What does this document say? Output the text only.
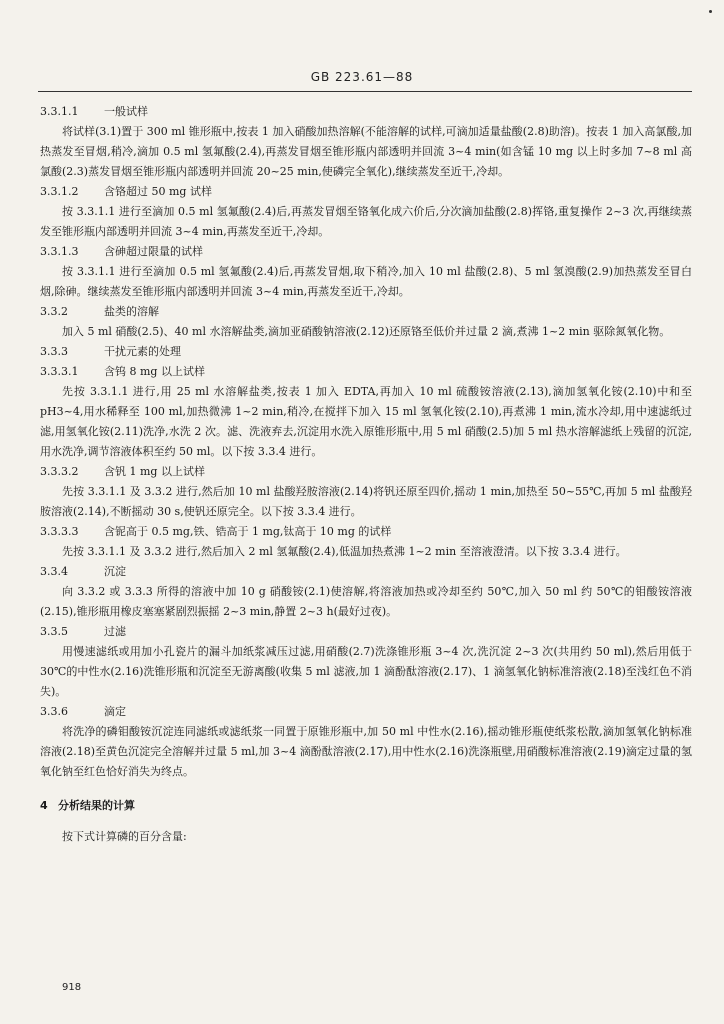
GB 223.61—88

3.3.1.1 一般试样

将试样(3.1)置于 300 ml 锥形瓶中,按表 1 加入硝酸加热溶解(不能溶解的试样,可滴加适量盐酸(2.8)助溶)。按表 1 加入高氯酸,加热蒸发至冒烟,稍冷,滴加 0.5 ml 氢氟酸(2.4),再蒸发冒烟至锥形瓶内部透明并回流 3~4 min(如含锰 10 mg 以上时多加 7~8 ml 高氯酸(2.3)蒸发冒烟至锥形瓶内部透明并回流 20~25 min,使磷完全氧化),继续蒸发至近干,冷却。

3.3.1.2 含铬超过 50 mg 试样

按 3.3.1.1 进行至滴加 0.5 ml 氢氟酸(2.4)后,再蒸发冒烟至铬氧化成六价后,分次滴加盐酸(2.8)挥铬,重复操作 2~3 次,再继续蒸发至锥形瓶内部透明并回流 3~4 min,再蒸发至近干,冷却。

3.3.1.3 含砷超过限量的试样

按 3.3.1.1 进行至滴加 0.5 ml 氢氟酸(2.4)后,再蒸发冒烟,取下稍冷,加入 10 ml 盐酸(2.8)、5 ml 氢溴酸(2.9)加热蒸发至冒白烟,除砷。继续蒸发至锥形瓶内部透明并回流 3~4 min,再蒸发至近干,冷却。

3.3.2	盐类的溶解

加入 5 ml 硝酸(2.5)、40 ml 水溶解盐类,滴加亚硝酸钠溶液(2.12)还原铬至低价并过量 2 滴,煮沸 1~2 min 驱除氮氧化物。

3.3.3	干扰元素的处理

3.3.3.1 含钨 8 mg 以上试样

先按 3.3.1.1 进行,用 25 ml 水溶解盐类,按表 1 加入 EDTA,再加入 10 ml 硫酸铵溶液(2.13),滴加氢氧化铵(2.10)中和至 pH3~4,用水稀释至 100 ml,加热微沸 1~2 min,稍冷,在搅拌下加入 15 ml 氢氧化铵(2.10),再煮沸 1 min,流水冷却,用中速滤纸过滤,用氢氧化铵(2.11)洗净,水洗 2 次。滤、洗液弃去,沉淀用水洗入原锥形瓶中,用 5 ml 硝酸(2.5)加 5 ml 热水溶解滤纸上残留的沉淀,用水洗净,调节溶液体积至约 50 ml。以下按 3.3.4 进行。

3.3.3.2 含钒 1 mg 以上试样

先按 3.3.1.1 及 3.3.2 进行,然后加 10 ml 盐酸羟胺溶液(2.14)将钒还原至四价,摇动 1 min,加热至 50~55℃,再加 5 ml 盐酸羟胺溶液(2.14),不断摇动 30 s,使钒还原完全。以下按 3.3.4 进行。

3.3.3.3 含铌高于 0.5 mg,铁、锆高于 1 mg,钛高于 10 mg 的试样

先按 3.3.1.1 及 3.3.2 进行,然后加入 2 ml 氢氟酸(2.4),低温加热煮沸 1~2 min 至溶液澄清。以下按 3.3.4 进行。

3.3.4	沉淀

向 3.3.2 或 3.3.3 所得的溶液中加 10 g 硝酸铵(2.1)使溶解,将溶液加热或冷却至约 50℃,加入 50 ml 约 50℃的钼酸铵溶液(2.15),锥形瓶用橡皮塞塞紧剧烈振摇 2~3 min,静置 2~3 h(最好过夜)。

3.3.5	过滤

用慢速滤纸或用加小孔瓷片的漏斗加纸浆减压过滤,用硝酸(2.7)洗涤锥形瓶 3~4 次,洗沉淀 2~3 次(共用约 50 ml),然后用低于 30℃的中性水(2.16)洗锥形瓶和沉淀至无游离酸(收集 5 ml 滤液,加 1 滴酚酞溶液(2.17)、1 滴氢氧化钠标准溶液(2.18)至浅红色不消失)。

3.3.6	滴定

将洗净的磷钼酸铵沉淀连同滤纸或滤纸浆一同置于原锥形瓶中,加 50 ml 中性水(2.16),摇动锥形瓶使纸浆松散,滴加氢氧化钠标准溶液(2.18)至黄色沉淀完全溶解并过量 5 ml,加 3~4 滴酚酞溶液(2.17),用中性水(2.16)洗涤瓶壁,用硝酸标准溶液(2.19)滴定过量的氢氧化钠至红色恰好消失为终点。

4 分析结果的计算

按下式计算磷的百分含量:

918
